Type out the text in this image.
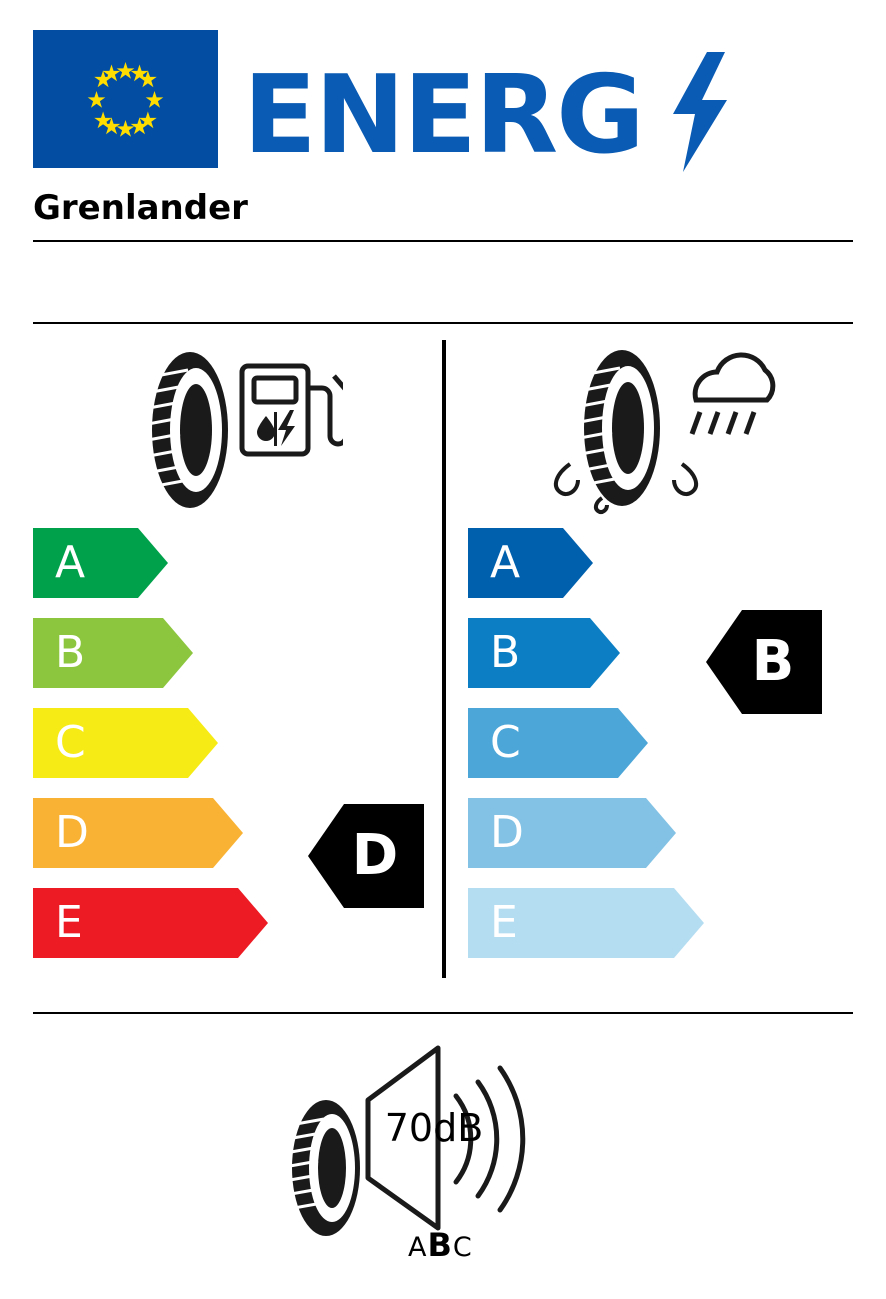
ENERG
Grenlander
A
B
C
D
E
D
A
B
C
D
E
B
70dB
ABC
